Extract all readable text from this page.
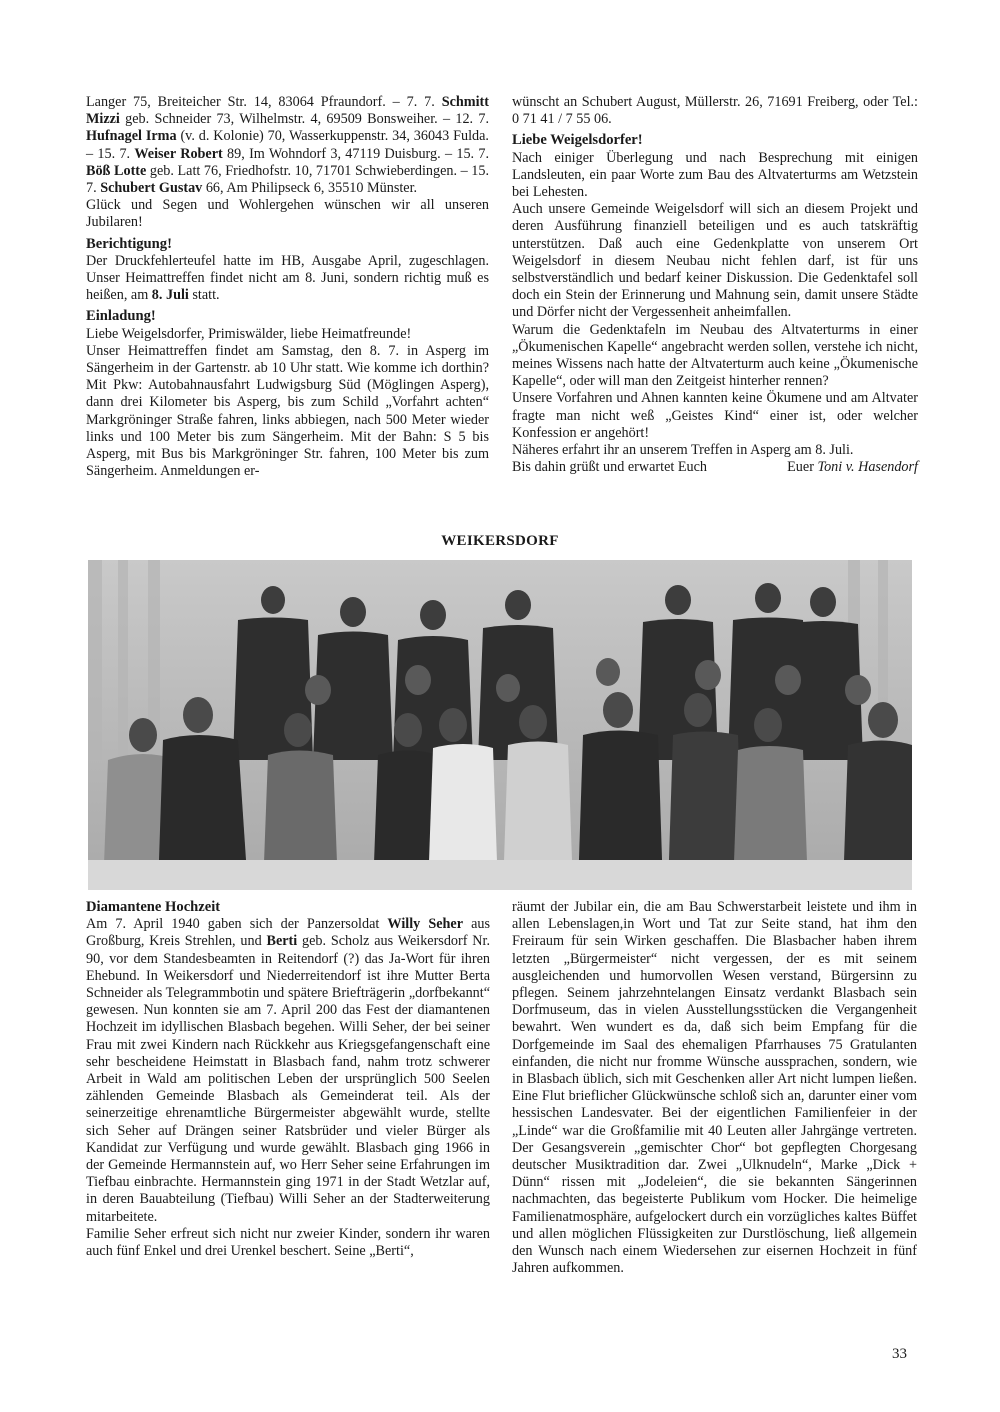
Langer 75, Breiteicher Str. 14, 83064 Pfraundorf. – 7. 7. Schmitt Mizzi geb. Schneider 73, Wilhelmstr. 4, 69509 Bonsweiher. – 12. 7. Hufnagel Irma (v. d. Kolonie) 70, Wasserkuppenstr. 34, 36043 Fulda. – 15. 7. Weiser Robert 89, Im Wohndorf 3, 47119 Duisburg. – 15. 7. Böß Lotte geb. Latt 76, Friedhofstr. 10, 71701 Schwieberdingen. – 15. 7. Schubert Gustav 66, Am Philipseck 6, 35510 Münster.

Glück und Segen und Wohlergehen wünschen wir all unseren Jubilaren!

Berichtigung!

Der Druckfehlerteufel hatte im HB, Ausgabe April, zugeschlagen. Unser Heimattreffen findet nicht am 8. Juni, sondern richtig muß es heißen, am 8. Juli statt.

Einladung!

Liebe Weigelsdorfer, Primiswälder, liebe Heimatfreunde!

Unser Heimattreffen findet am Samstag, den 8. 7. in Asperg im Sängerheim in der Gartenstr. ab 10 Uhr statt. Wie komme ich dorthin? Mit Pkw: Autobahnausfahrt Ludwigsburg Süd (Möglingen Asperg), dann drei Kilometer bis Asperg, bis zum Schild „Vorfahrt achten“ Markgröninger Straße fahren, links abbiegen, nach 500 Meter wieder links und 100 Meter bis zum Sängerheim. Mit der Bahn: S 5 bis Asperg, mit Bus bis Markgröninger Str. fahren, 100 Meter bis zum Sängerheim. Anmeldungen er-

wünscht an Schubert August, Müllerstr. 26, 71691 Freiberg, oder Tel.: 0 71 41 / 7 55 06.

Liebe Weigelsdorfer!

Nach einiger Überlegung und nach Besprechung mit einigen Landsleuten, ein paar Worte zum Bau des Altvaterturms am Wetzstein bei Lehesten.

Auch unsere Gemeinde Weigelsdorf will sich an diesem Projekt und deren Ausführung finanziell beteiligen und es auch tatskräftig unterstützen. Daß auch eine Gedenkplatte von unserem Ort Weigelsdorf in diesem Neubau nicht fehlen darf, ist für uns selbstverständlich und bedarf keiner Diskussion. Die Gedenktafel soll doch ein Stein der Erinnerung und Mahnung sein, damit unsere Städte und Dörfer nicht der Vergessenheit anheimfallen.

Warum die Gedenktafeln im Neubau des Altvaterturms in einer „Ökumenischen Kapelle“ angebracht werden sollen, verstehe ich nicht, meines Wissens nach hatte der Altvaterturm auch keine „Ökumenische Kapelle“, oder will man den Zeitgeist hinterher rennen?

Unsere Vorfahren und Ahnen kannten keine Ökumene und am Altvater fragte man nicht weß „Geistes Kind“ einer ist, oder welcher Konfession er angehört!

Näheres erfahrt ihr an unserem Treffen in Asperg am 8. Juli.

Bis dahin grüßt und erwartet Euch	Euer Toni v. Hasendorf

WEIKERSDORF
Diamantene Hochzeit

Am 7. April 1940 gaben sich der Panzersoldat Willy Seher aus Großburg, Kreis Strehlen, und Berti geb. Scholz aus Weikersdorf Nr. 90, vor dem Standesbeamten in Reitendorf (?) das Ja-Wort für ihren Ehebund. In Weikersdorf und Niederreitendorf ist ihre Mutter Berta Schneider als Telegrammbotin und spätere Briefträgerin „dorfbekannt“ gewesen. Nun konnten sie am 7. April 200 das Fest der diamantenen Hochzeit im idyllischen Blasbach begehen. Willi Seher, der bei seiner Frau mit zwei Kindern nach Rückkehr aus Kriegsgefangenschaft eine sehr bescheidene Heimstatt in Blasbach fand, nahm trotz schwerer Arbeit in Wald am politischen Leben der ursprünglich 500 Seelen zählenden Gemeinde Blasbach als Gemeinderat teil. Als der seinerzeitige ehrenamtliche Bürgermeister abgewählt wurde, stellte sich Seher auf Drängen seiner Ratsbrüder und vieler Bürger als Kandidat zur Verfügung und wurde gewählt. Blasbach ging 1966 in der Gemeinde Hermannstein auf, wo Herr Seher seine Erfahrungen im Tiefbau einbrachte. Hermannstein ging 1971 in der Stadt Wetzlar auf, in deren Bauabteilung (Tiefbau) Willi Seher an der Stadterweiterung mitarbeitete.

Familie Seher erfreut sich nicht nur zweier Kinder, sondern ihr waren auch fünf Enkel und drei Urenkel beschert. Seine „Berti“,

räumt der Jubilar ein, die am Bau Schwerstarbeit leistete und ihm in allen Lebenslagen,in Wort und Tat zur Seite stand, hat ihm den Freiraum für sein Wirken geschaffen. Die Blasbacher haben ihrem letzten „Bürgermeister“ nicht vergessen, der es mit seinem ausgleichenden und humorvollen Wesen verstand, Bürgersinn zu pflegen. Seinem jahrzehntelangen Einsatz verdankt Blasbach sein Dorfmuseum, das in vielen Ausstellungsstücken die Vergangenheit bewahrt. Wen wundert es da, daß sich beim Empfang für die Dorfgemeinde im Saal des ehemaligen Pfarrhauses 75 Gratulanten einfanden, die nicht nur fromme Wünsche aussprachen, sondern, wie in Blasbach üblich, sich mit Geschenken aller Art nicht lumpen ließen. Eine Flut brieflicher Glückwünsche schloß sich an, darunter einer vom hessischen Landesvater. Bei der eigentlichen Familienfeier in der „Linde“ war die Großfamilie mit 40 Leuten aller Jahrgänge vertreten. Der Gesangsverein „gemischter Chor“ bot gepflegten Chorgesang deutscher Musiktradition dar. Zwei „Ulknudeln“, Marke „Dick + Dünn“ rissen mit „Jodeleien“, die sie bekannten Sängerinnen nachmachten, das begeisterte Publikum vom Hocker. Die heimelige Familienatmosphäre, aufgelockert durch ein vorzügliches kaltes Büffet und allen möglichen Flüssigkeiten zur Durstlöschung, ließ allgemein den Wunsch nach einem Wiedersehen zur eisernen Hochzeit in fünf Jahren aufkommen.

33
